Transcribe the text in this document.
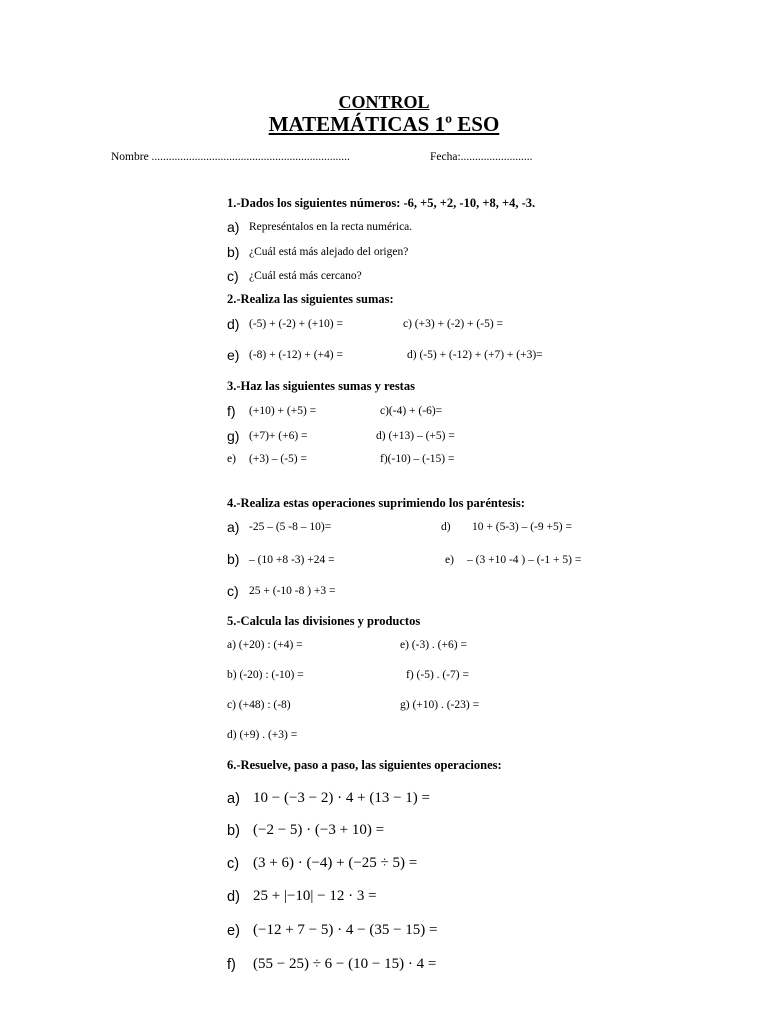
CONTROL
MATEMÁTICAS 1º ESO
Nombre .....................................................................	Fecha:.........................
1.-Dados los siguientes números: -6, +5, +2, -10, +8, +4, -3.
a) Represéntalos en la recta numérica.
b) ¿Cuál está más alejado del origen?
c) ¿Cuál está más cercano?
2.-Realiza las siguientes sumas:
d) (-5) + (-2) + (+10) =	c) (+3) + (-2) + (-5) =
e) (-8) + (-12) + (+4) =	d) (-5) + (-12) + (+7) + (+3)=
3.-Haz las siguientes sumas y restas
f) (+10) + (+5) =	c)(-4) + (-6)=
g) (+7)+ (+6) =	d) (+13) – (+5) =
e) (+3) – (-5) =	f)(-10) – (-15) =
4.-Realiza estas operaciones suprimiendo los paréntesis:
a) -25 – (5 -8 – 10)=	d) 10 + (5-3) – (-9 +5) =
b) – (10 +8 -3) +24 =	e) – (3 +10 -4 ) – (-1 + 5) =
c) 25 + (-10 -8 ) +3 =
5.-Calcula las divisiones y productos
a) (+20) : (+4) =	e) (-3) . (+6) =
b) (-20) : (-10) =	f) (-5) . (-7) =
c) (+48) : (-8)	g) (+10) . (-23) =
d) (+9) . (+3) =
6.-Resuelve, paso a paso, las siguientes operaciones:
a) 10 − (−3 − 2) · 4 + (13 − 1) =
b) (−2 − 5) · (−3 + 10) =
c) (3 + 6) · (−4) + (−25 ÷ 5) =
d) 25 + |−10| − 12 · 3 =
e) (−12 + 7 − 5) · 4 − (35 − 15) =
f) (55 − 25) ÷ 6 − (10 − 15) · 4 =
